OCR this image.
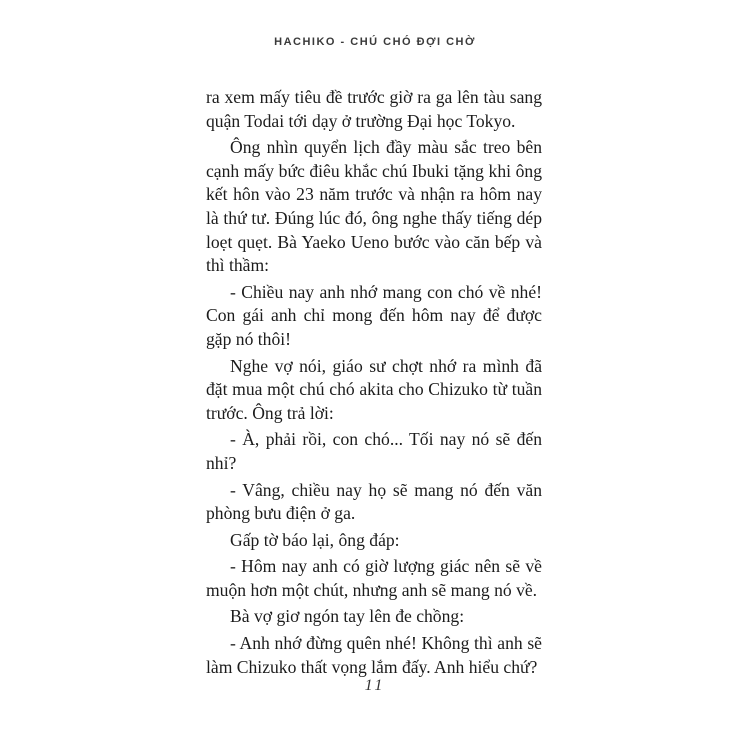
HACHIKO - CHÚ CHÓ ĐỢI CHỜ

ra xem mấy tiêu đề trước giờ ra ga lên tàu sang quận Todai tới dạy ở trường Đại học Tokyo.

Ông nhìn quyển lịch đầy màu sắc treo bên cạnh mấy bức điêu khắc chú Ibuki tặng khi ông kết hôn vào 23 năm trước và nhận ra hôm nay là thứ tư. Đúng lúc đó, ông nghe thấy tiếng dép loẹt quẹt. Bà Yaeko Ueno bước vào căn bếp và thì thầm:

- Chiều nay anh nhớ mang con chó về nhé! Con gái anh chỉ mong đến hôm nay để được gặp nó thôi!

Nghe vợ nói, giáo sư chợt nhớ ra mình đã đặt mua một chú chó akita cho Chizuko từ tuần trước. Ông trả lời:

- À, phải rồi, con chó... Tối nay nó sẽ đến nhỉ?

- Vâng, chiều nay họ sẽ mang nó đến văn phòng bưu điện ở ga.

Gấp tờ báo lại, ông đáp:

- Hôm nay anh có giờ lượng giác nên sẽ về muộn hơn một chút, nhưng anh sẽ mang nó về.

Bà vợ giơ ngón tay lên đe chồng:

- Anh nhớ đừng quên nhé! Không thì anh sẽ làm Chizuko thất vọng lắm đấy. Anh hiểu chứ?

11
